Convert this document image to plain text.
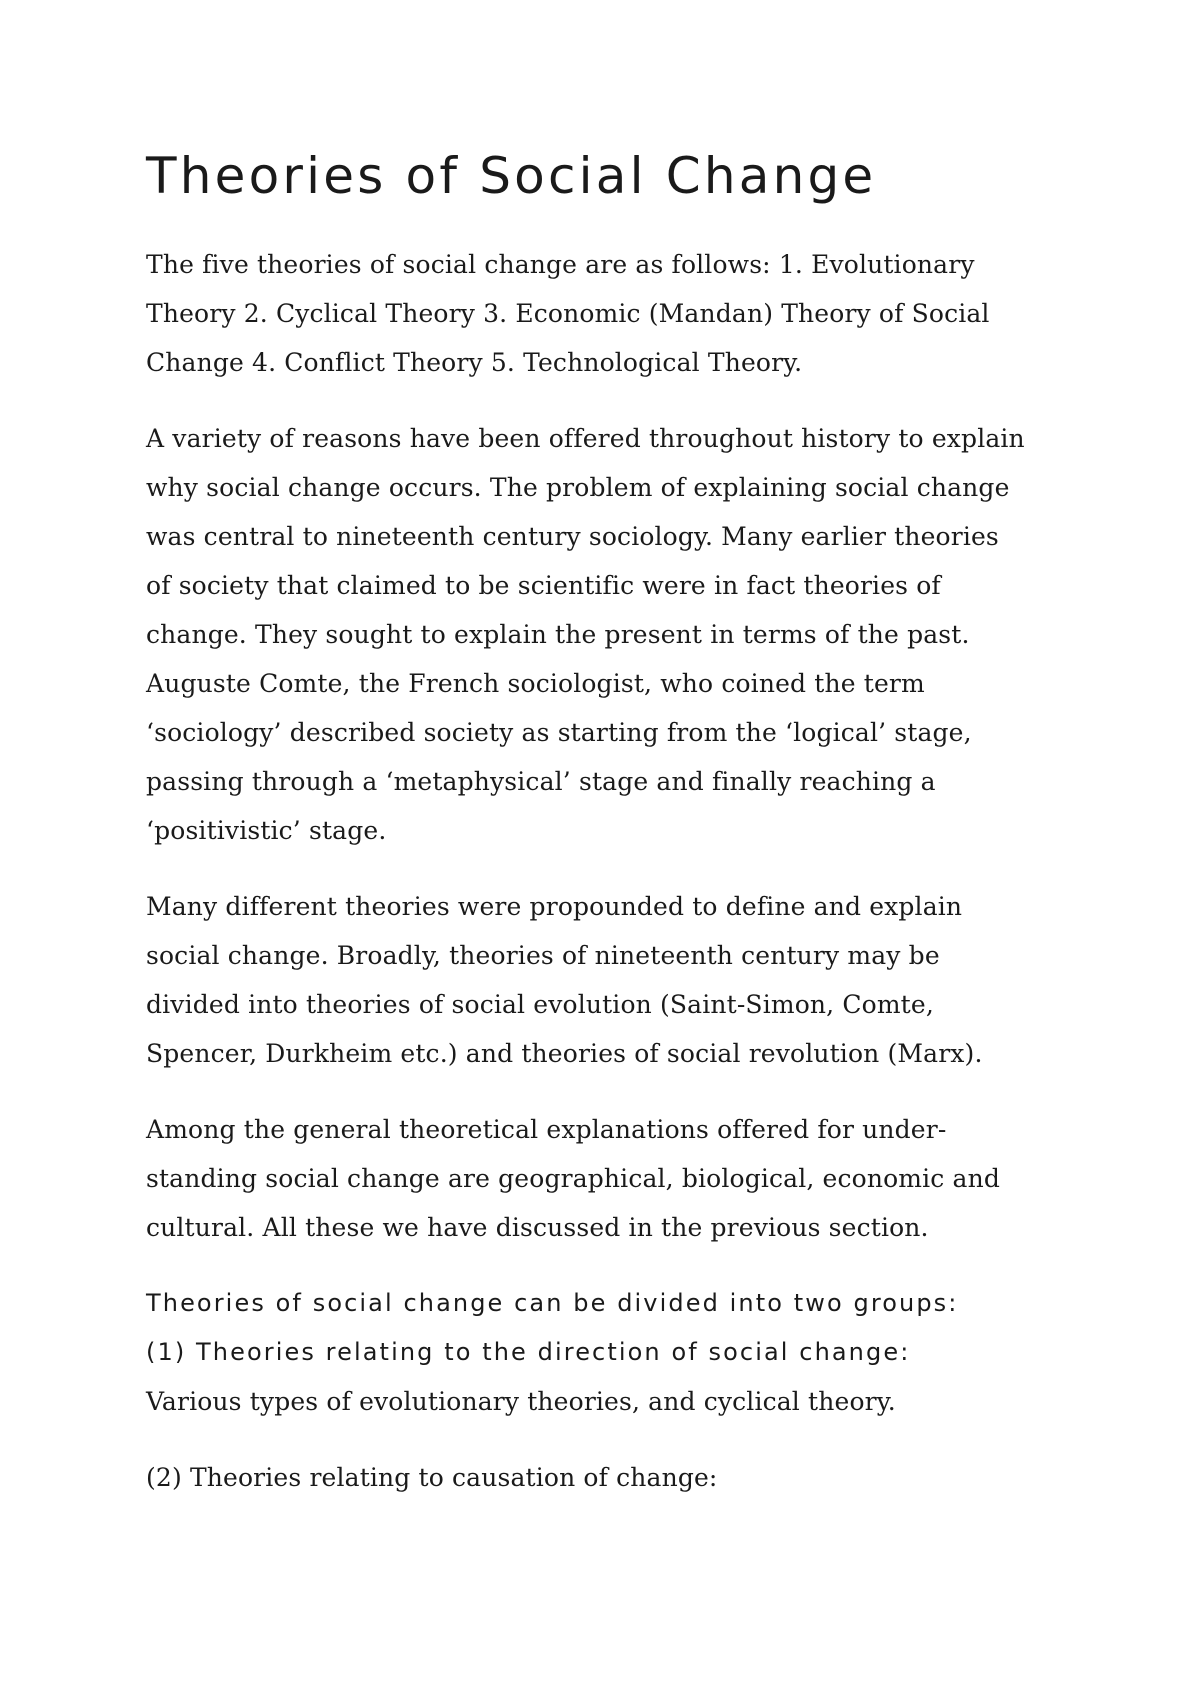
Theories of Social Change
The five theories of social change are as follows: 1. Evolutionary
Theory 2. Cyclical Theory 3. Economic (Mandan) Theory of Social
Change 4. Conflict Theory 5. Technological Theory.
A variety of reasons have been offered throughout history to explain
why social change occurs. The problem of explaining social change
was central to nineteenth century sociology. Many earlier theories
of society that claimed to be scientific were in fact theories of
change. They sought to explain the present in terms of the past.
Auguste Comte, the French sociologist, who coined the term
‘sociology’ described society as starting from the ‘logical’ stage,
passing through a ‘metaphysical’ stage and finally reaching a
‘positivistic’ stage.
Many different theories were propounded to define and explain
social change. Broadly, theories of nineteenth century may be
divided into theories of social evolution (Saint-Simon, Comte,
Spencer, Durkheim etc.) and theories of social revolution (Marx).
Among the general theoretical explanations offered for under-
standing social change are geographical, biological, economic and
cultural. All these we have discussed in the previous section.
Theories of social change can be divided into two groups:
(1) Theories relating to the direction of social change:
Various types of evolutionary theories, and cyclical theory.
(2) Theories relating to causation of change:
